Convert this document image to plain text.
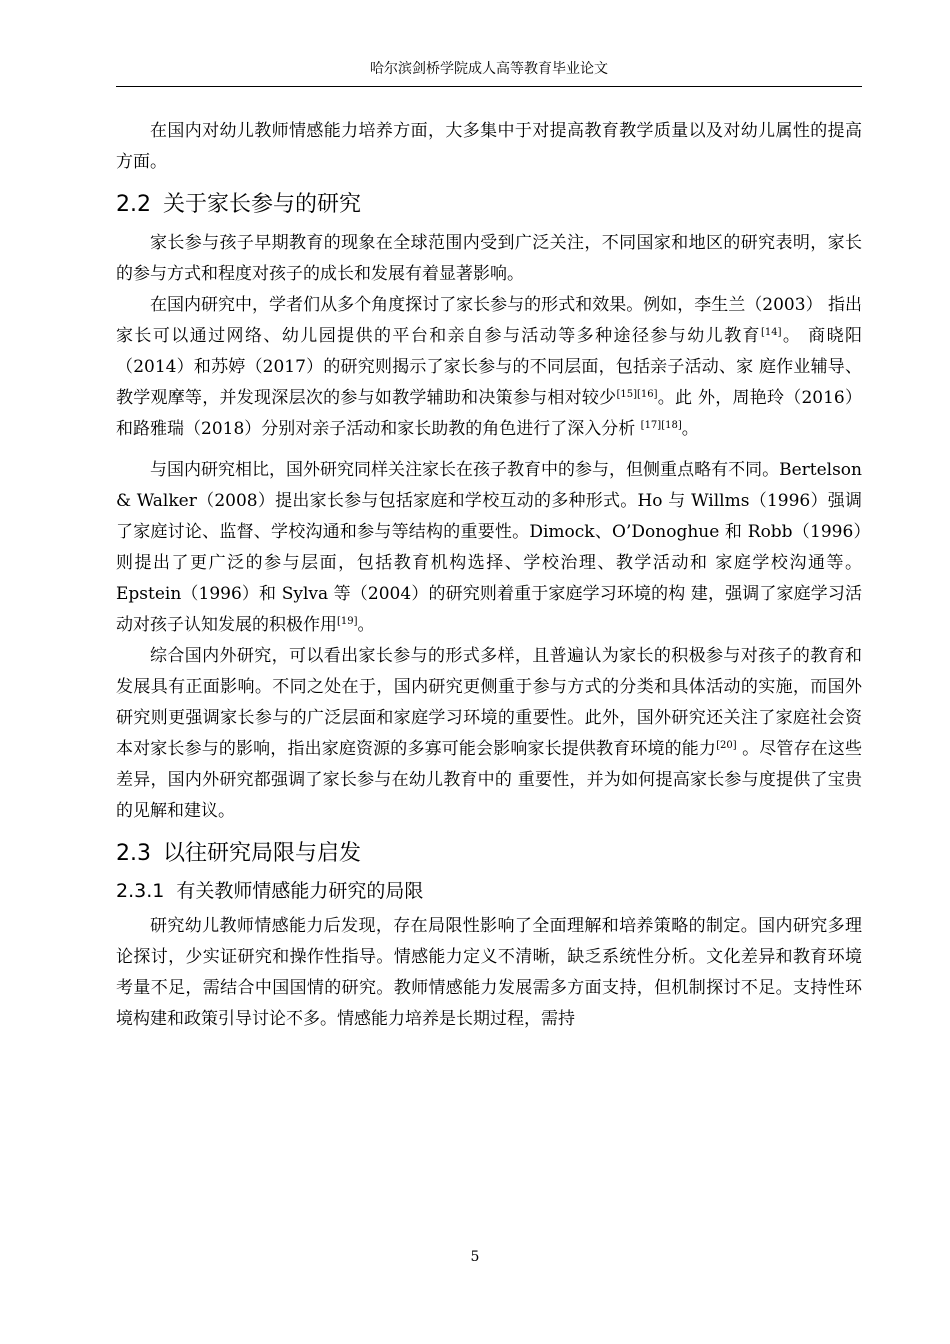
哈尔滨剑桥学院成人高等教育毕业论文

在国内对幼儿教师情感能力培养方面，大多集中于对提高教育教学质量以及对幼儿属性的提高方面。

2.2 关于家长参与的研究

家长参与孩子早期教育的现象在全球范围内受到广泛关注，不同国家和地区的研究表明，家长的参与方式和程度对孩子的成长和发展有着显著影响。

在国内研究中，学者们从多个角度探讨了家长参与的形式和效果。例如，李生兰（2003） 指出家长可以通过网络、幼儿园提供的平台和亲自参与活动等多种途径参与幼儿教育[14]。 商晓阳（2014）和苏婷（2017）的研究则揭示了家长参与的不同层面，包括亲子活动、家 庭作业辅导、教学观摩等，并发现深层次的参与如教学辅助和决策参与相对较少[15][16]。此 外，周艳玲（2016）和路雅瑞（2018）分别对亲子活动和家长助教的角色进行了深入分析 [17][18]。

与国内研究相比，国外研究同样关注家长在孩子教育中的参与，但侧重点略有不同。Bertelson & Walker（2008）提出家长参与包括家庭和学校互动的多种形式。Ho 与 Willms（1996）强调了家庭讨论、监督、学校沟通和参与等结构的重要性。Dimock、O’Donoghue 和 Robb（1996）则提出了更广泛的参与层面，包括教育机构选择、学校治理、教学活动和 家庭学校沟通等。Epstein（1996）和 Sylva 等（2004）的研究则着重于家庭学习环境的构 建，强调了家庭学习活动对孩子认知发展的积极作用[19]。

综合国内外研究，可以看出家长参与的形式多样，且普遍认为家长的积极参与对孩子的教育和发展具有正面影响。不同之处在于，国内研究更侧重于参与方式的分类和具体活动的实施，而国外研究则更强调家长参与的广泛层面和家庭学习环境的重要性。此外，国外研究还关注了家庭社会资本对家长参与的影响，指出家庭资源的多寡可能会影响家长提供教育环境的能力[20] 。尽管存在这些差异，国内外研究都强调了家长参与在幼儿教育中的 重要性，并为如何提高家长参与度提供了宝贵的见解和建议。

2.3 以往研究局限与启发
2.3.1 有关教师情感能力研究的局限

研究幼儿教师情感能力后发现，存在局限性影响了全面理解和培养策略的制定。国内研究多理论探讨，少实证研究和操作性指导。情感能力定义不清晰，缺乏系统性分析。文化差异和教育环境考量不足，需结合中国国情的研究。教师情感能力发展需多方面支持，但机制探讨不足。支持性环境构建和政策引导讨论不多。情感能力培养是长期过程，需持

5
